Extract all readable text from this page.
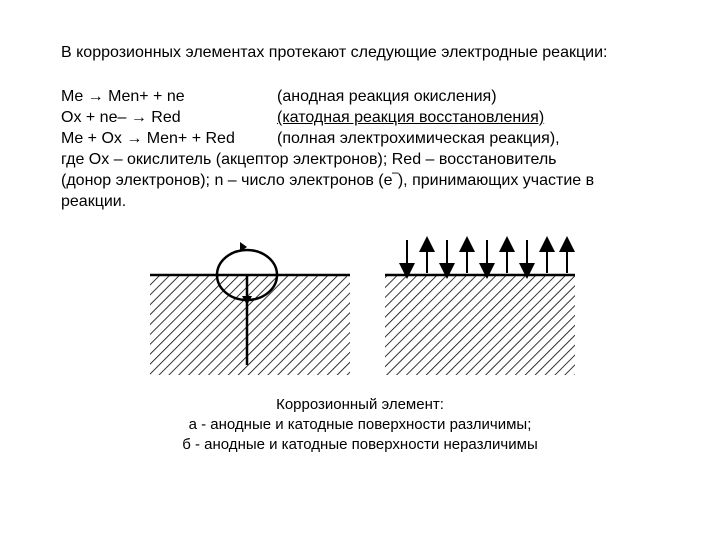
В коррозионных элементах протекают следующие электродные реакции:
Me → Men+ + ne	(анодная реакция окисления)
Ox + ne– → Red	(катодная реакция восстановления)
Me + Ox → Men+ + Red	(полная электрохимическая реакция),
где Ox – окислитель (акцептор электронов); Red – восстановитель
(донор электронов); n – число электронов (e‾), принимающих участие в
реакции.
Коррозионный элемент:
а - анодные и катодные поверхности различимы;
б - анодные и катодные поверхности неразличимы
